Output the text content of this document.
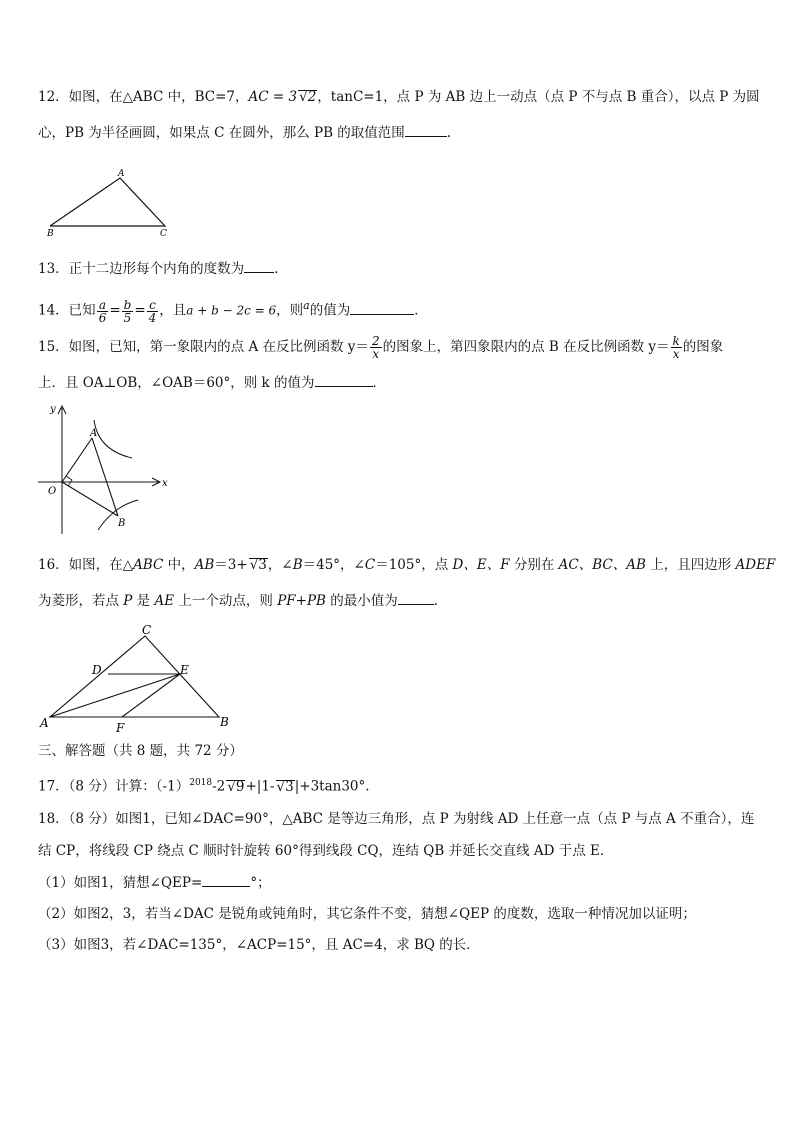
12．如图，在△ABC 中，BC=7，AC = 3 √2，tanC=1，点 P 为 AB 边上一动点（点 P 不与点 B 重合），以点 P 为圆
心，PB 为半径画圆，如果点 C 在圆外，那么 PB 的取值范围	.
A
B	C
13．正十二边形每个内角的度数为 ．
14．已知 $\frac{a}{6} = \frac{b}{5} = \frac{c}{4}$ ，且a + b − 2c = 6，则$^a$的值为	．
15．如图，已知，第一象限内的点 A 在反比例函数 $y= \frac{2}{x}$ 的图象上，第四象限内的点 B 在反比例函数 $y= \frac{k}{x}$ 的图象
上．且 OA⊥OB，∠OAB＝60°，则 k 的值为	．
y
x
O
A
B
16．如图，在△ABC 中，AB＝3+ √3，∠B＝45°，∠C＝105°，点 D、E、F 分别在 AC、BC、AB 上，且四边形 ADEF
为菱形，若点 P 是 AE 上一个动点，则 PF+PB 的最小值为	．
C
D	E
A	F	B
三、解答题（共 8 题，共 72 分）
17．（8 分）计算：$(-1)^{2018}-2$ √9+|1- √3|+3tan30°.
18．（8 分）如图1，已知∠DAC=90°，△ABC 是等边三角形，点 P 为射线 AD 上任意一点（点 P 与点 A 不重合），连
结 CP，将线段 CP 绕点 C 顺时针旋转 60°得到线段 CQ，连结 QB 并延长交直线 AD 于点 E．
（1）如图1，猜想∠QEP=	°；
（2）如图2，3，若当∠DAC 是锐角或钝角时，其它条件不变，猜想∠QEP 的度数，选取一种情况加以证明；
（3）如图3，若∠DAC=135°，∠ACP=15°，且 AC=4，求 BQ 的长．
